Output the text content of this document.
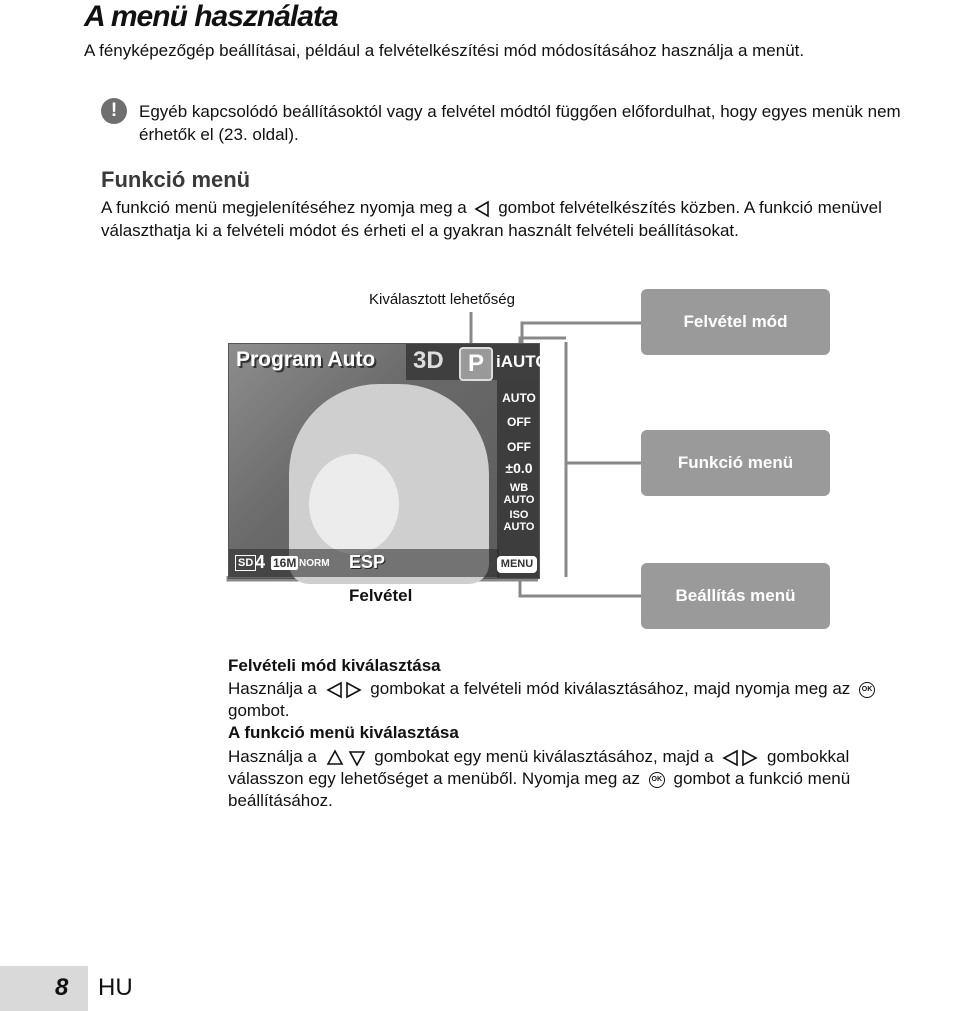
A menü használata
A fényképezőgép beállításai, például a felvételkészítési mód módosításához használja a menüt.
!	Egyéb kapcsolódó beállításoktól vagy a felvétel módtól függően előfordulhat, hogy egyes menük nem érhetők el (23. oldal).
Funkció menü
A funkció menü megjelenítéséhez nyomja meg a gombot felvételkészítés közben. A funkció menüvel választhatja ki a felvételi módot és érheti el a gyakran használt felvételi beállításokat.
Kiválasztott lehetőség
Felvétel mód
Funkció menü
Beállítás menü
Program Auto 3D	P iAUTO
AUTO
OFF
OFF
±0.0
WB AUTO
ISO AUTO
SD 4 16M NORM ESP	MENU
Felvétel
Felvételi mód kiválasztása
Használja a	gombokat a felvételi mód kiválasztásához, majd nyomja meg az OK gombot.
A funkció menü kiválasztása
Használja a	gombokat egy menü kiválasztásához, majd a	gombokkal válasszon egy lehetőséget a menüből. Nyomja meg az OK gombot a funkció menü beállításához.
8 HU
